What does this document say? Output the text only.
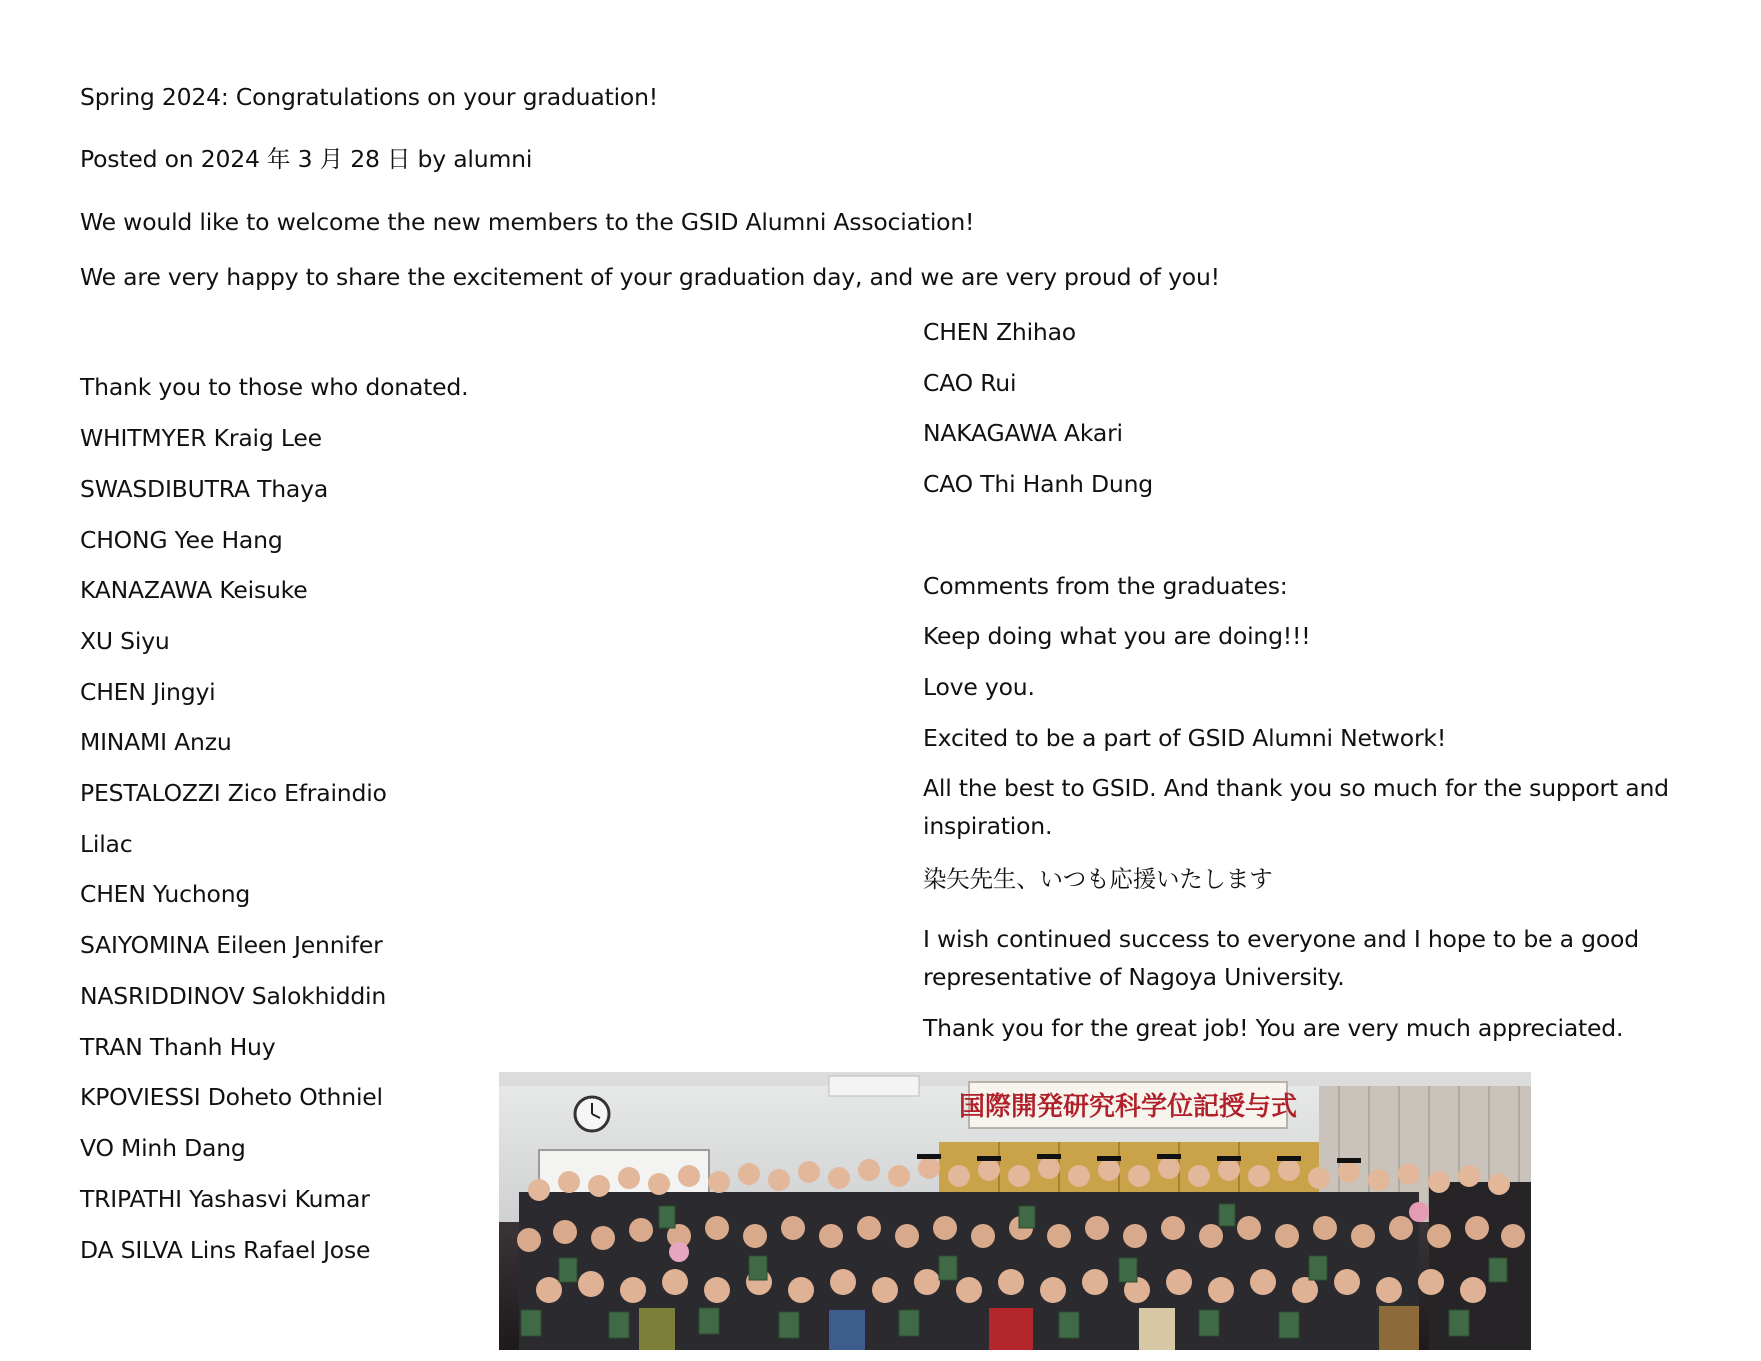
Spring 2024: Congratulations on your graduation!
Posted on 2024 年 3 月 28 日 by alumni
We would like to welcome the new members to the GSID Alumni Association!
We are very happy to share the excitement of your graduation day, and we are very proud of you!
Thank you to those who donated.
WHITMYER Kraig Lee
SWASDIBUTRA Thaya
CHONG Yee Hang
KANAZAWA Keisuke
XU Siyu
CHEN Jingyi
MINAMI Anzu
PESTALOZZI Zico Efraindio
Lilac
CHEN Yuchong
SAIYOMINA Eileen Jennifer
NASRIDDINOV Salokhiddin
TRAN Thanh Huy
KPOVIESSI Doheto Othniel
VO Minh Dang
TRIPATHI Yashasvi Kumar
DA SILVA Lins Rafael Jose
CHEN Zhihao
CAO Rui
NAKAGAWA Akari
CAO Thi Hanh Dung
Comments from the graduates:
Keep doing what you are doing!!!
Love you.
Excited to be a part of GSID Alumni Network!
All the best to GSID. And thank you so much for the support and inspiration.
染矢先生、いつも応援いたします
I wish continued success to everyone and I hope to be a good representative of Nagoya University.
Thank you for the great job! You are very much appreciated.
国際開発研究科学位記授与式
